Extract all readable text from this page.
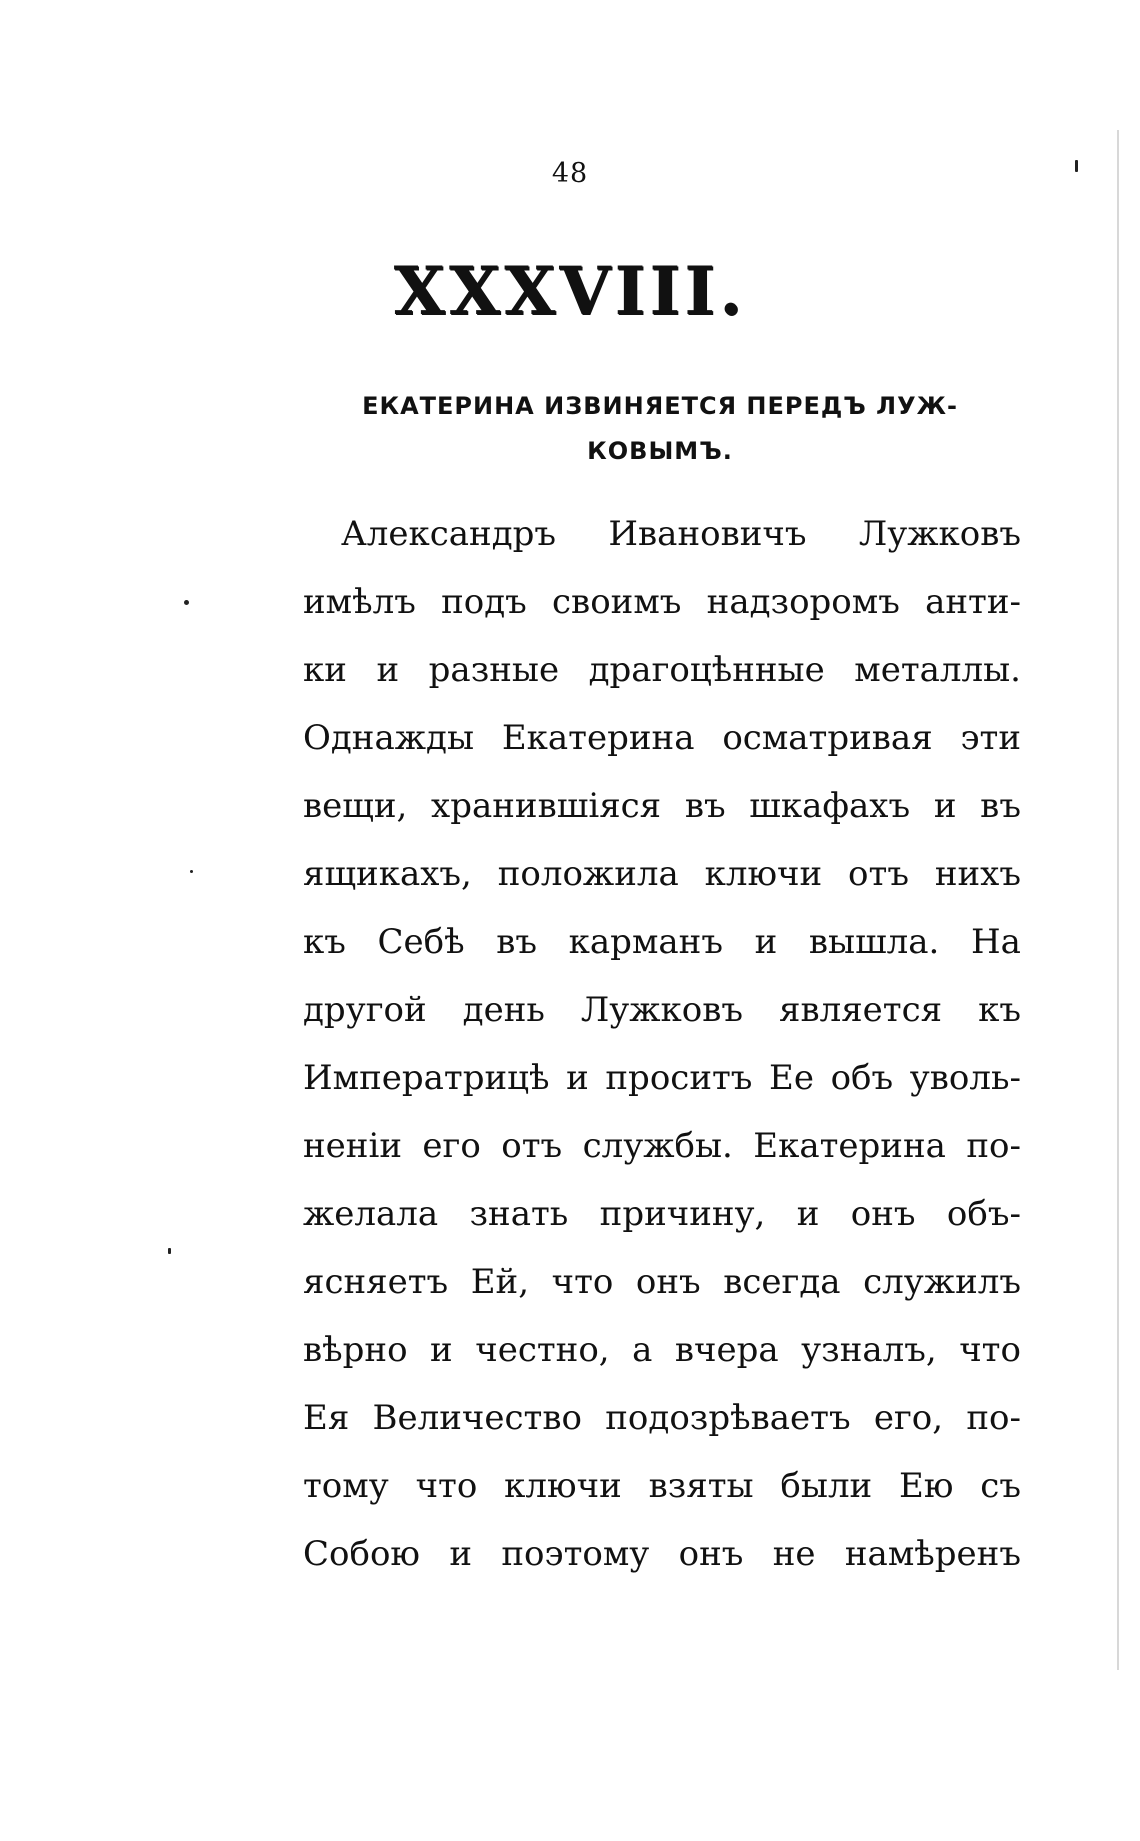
48
XXXVIII.
ЕКАТЕРИНА ИЗВИНЯЕТСЯ ПЕРЕДЪ ЛУЖ-
КОВЫМЪ.
Александръ Ивановичъ Лужковъ
имѣлъ подъ своимъ надзоромъ анти-
ки и разные драгоцѣнные металлы.
Однажды Екатерина осматривая эти
вещи, хранившіяся въ шкафахъ и въ
ящикахъ, положила ключи отъ нихъ
къ Себѣ въ карманъ и вышла. На
другой день Лужковъ является къ
Императрицѣ и проситъ Ее объ уволь-
неніи его отъ службы. Екатерина по-
желала знать причину, и онъ объ-
ясняетъ Ей, что онъ всегда служилъ
вѣрно и честно, а вчера узналъ, что
Ея Величество подозрѣваетъ его, по-
тому что ключи взяты были Ею съ
Собою и поэтому онъ не намѣренъ
